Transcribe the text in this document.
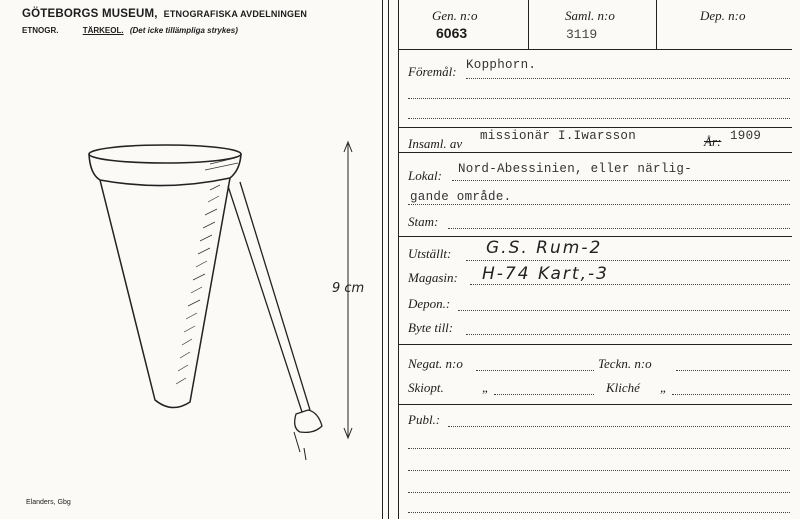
GÖTEBORGS MUSEUM, ETNOGRAFISKA AVDELNINGEN
ETNOGR.	TÄRKEOL. (Det icke tillämpliga strykes)
9 cm
Elanders, Gbg
Gen. n:o
6063
Saml. n:o
3119
Dep. n:o
Föremål: Kopphorn.
Insaml. av missionär I.Iwarsson	År: 1909
Lokal: Nord-Abessinien, eller närlig-
gande område.
Stam:
Utställt: G.S. Rum-2
Magasin: H-74 Kart,-3
Depon.:
Byte till:
Negat. n:o	Teckn. n:o
Skiopt.	„	Kliché „
Publ.:
